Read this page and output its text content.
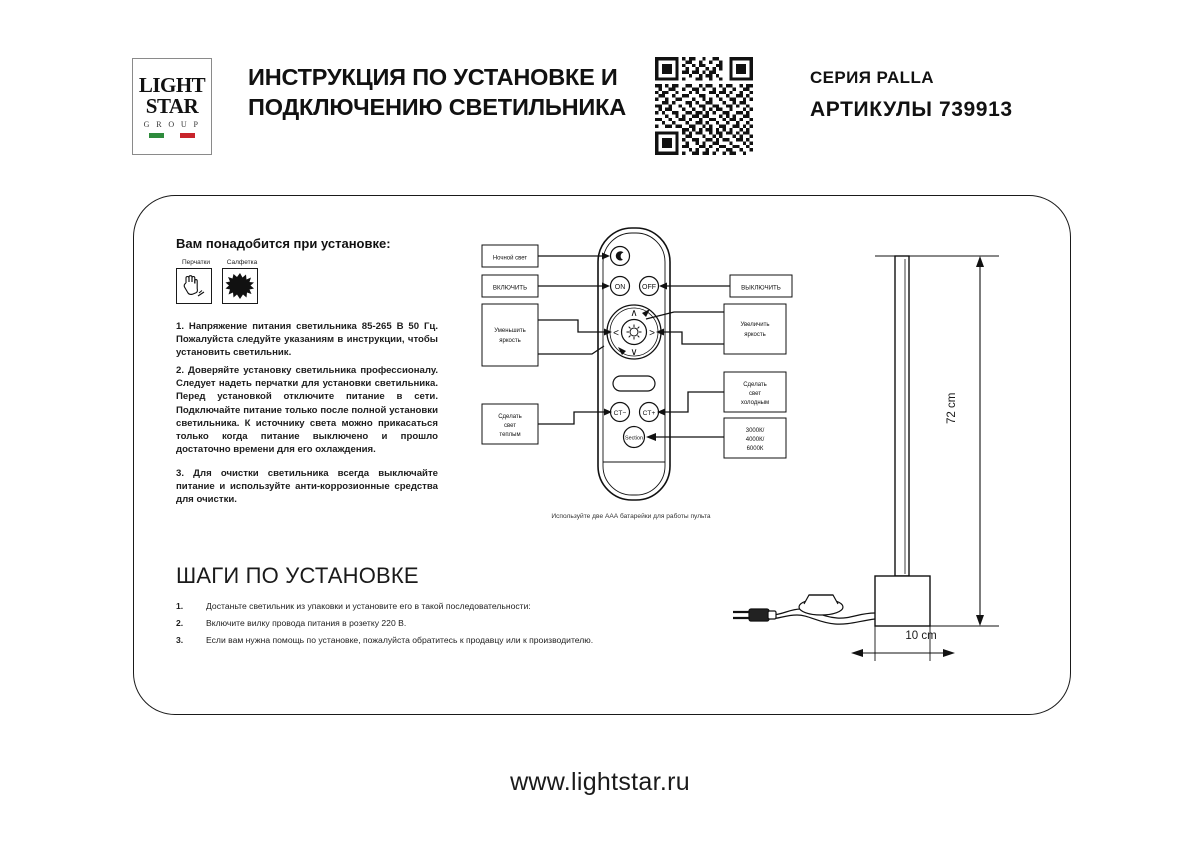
LIGHT
STAR
G R O U P
ИНСТРУКЦИЯ ПО УСТАНОВКЕ И ПОДКЛЮЧЕНИЮ СВЕТИЛЬНИКА
СЕРИЯ PALLA
АРТИКУЛЫ 739913
Вам понадобится при установке:
Перчатки	Салфетка
1. Напряжение питания светильника 85-265 В 50 Гц. Пожалуйста следуйте указаниям в инструкции, чтобы установить светильник.
2. Доверяйте установку светильника профессионалу. Следует надеть перчатки для установки светильника. Перед установкой отключите питание в сети. Подключайте питание только после полной установки светильника. К источнику света можно прикасаться только когда питание выключено и прошло достаточно времени для его охлаждения.
3. Для очистки светильника всегда выключайте питание и используйте анти-коррозионные средства для очистки.
ШАГИ ПО УСТАНОВКЕ
1.	Достаньте светильник из упаковки и установите его в такой последовательности:
2.	Включите вилку провода питания в розетку 220 В.
3.	Если вам нужна помощь по установке, пожалуйста обратитесь к продавцу или к производителю.
ON OFF
∧
∨
<	>
CT− CT+
Section
Ночной свет
ВКЛЮЧИТЬ	ВЫКЛЮЧИТЬ
Уменьшить
яркость
Увеличить
яркость
Сделать
свет
холодным
3000К/
4000К/
6000К
Сделать
свет
теплым
Используйте две ААА батарейки для работы пульта
72 cm
10 cm
www.lightstar.ru
